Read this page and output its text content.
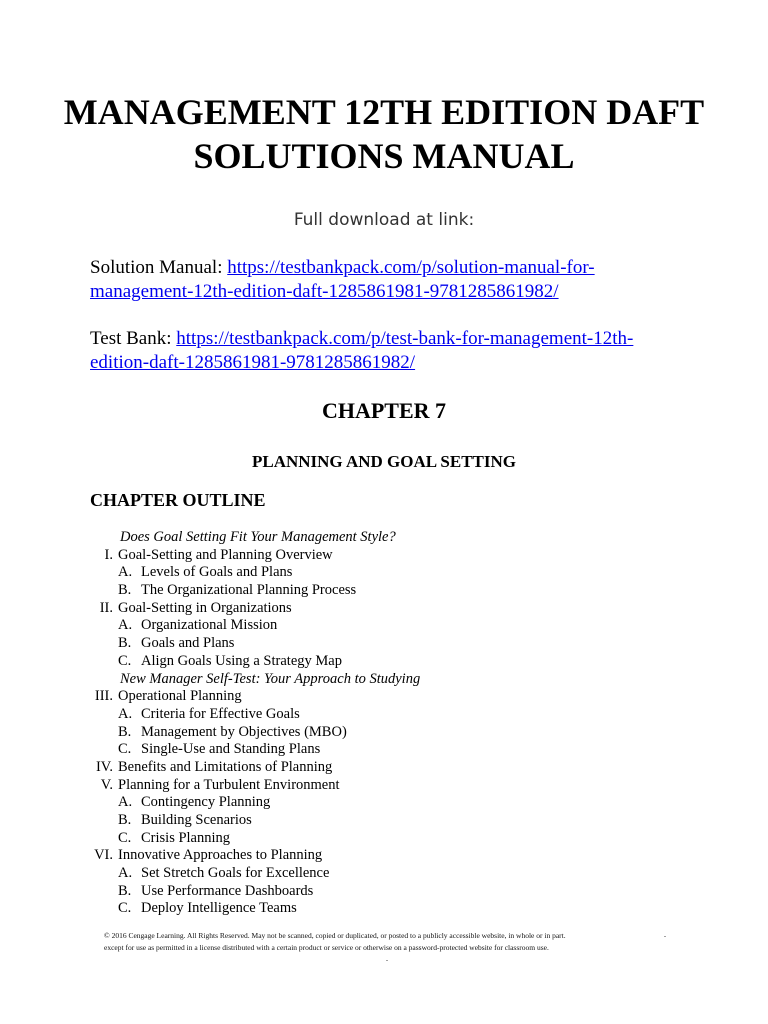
MANAGEMENT 12TH EDITION DAFT
SOLUTIONS MANUAL

Full download at link:

Solution Manual: https://testbankpack.com/p/solution-manual-for-
management-12th-edition-daft-1285861981-9781285861982/

Test Bank: https://testbankpack.com/p/test-bank-for-management-12th-
edition-daft-1285861981-9781285861982/

CHAPTER 7
PLANNING AND GOAL SETTING
CHAPTER OUTLINE
Does Goal Setting Fit Your Management Style?
I. Goal-Setting and Planning Overview
A. Levels of Goals and Plans
B. The Organizational Planning Process
II. Goal-Setting in Organizations
A. Organizational Mission
B. Goals and Plans
C. Align Goals Using a Strategy Map
New Manager Self-Test: Your Approach to Studying
III. Operational Planning
A. Criteria for Effective Goals
B. Management by Objectives (MBO)
C. Single-Use and Standing Plans
IV. Benefits and Limitations of Planning
V. Planning for a Turbulent Environment
A. Contingency Planning
B. Building Scenarios
C. Crisis Planning
VI. Innovative Approaches to Planning
A. Set Stretch Goals for Excellence
B. Use Performance Dashboards
C. Deploy Intelligence Teams

© 2016 Cengage Learning. All Rights Reserved. May not be scanned, copied or duplicated, or posted to a publicly accessible website, in whole or in part.

except for use as permitted in a license distributed with a certain product or service or otherwise on a password-protected website for classroom use.

.
.
